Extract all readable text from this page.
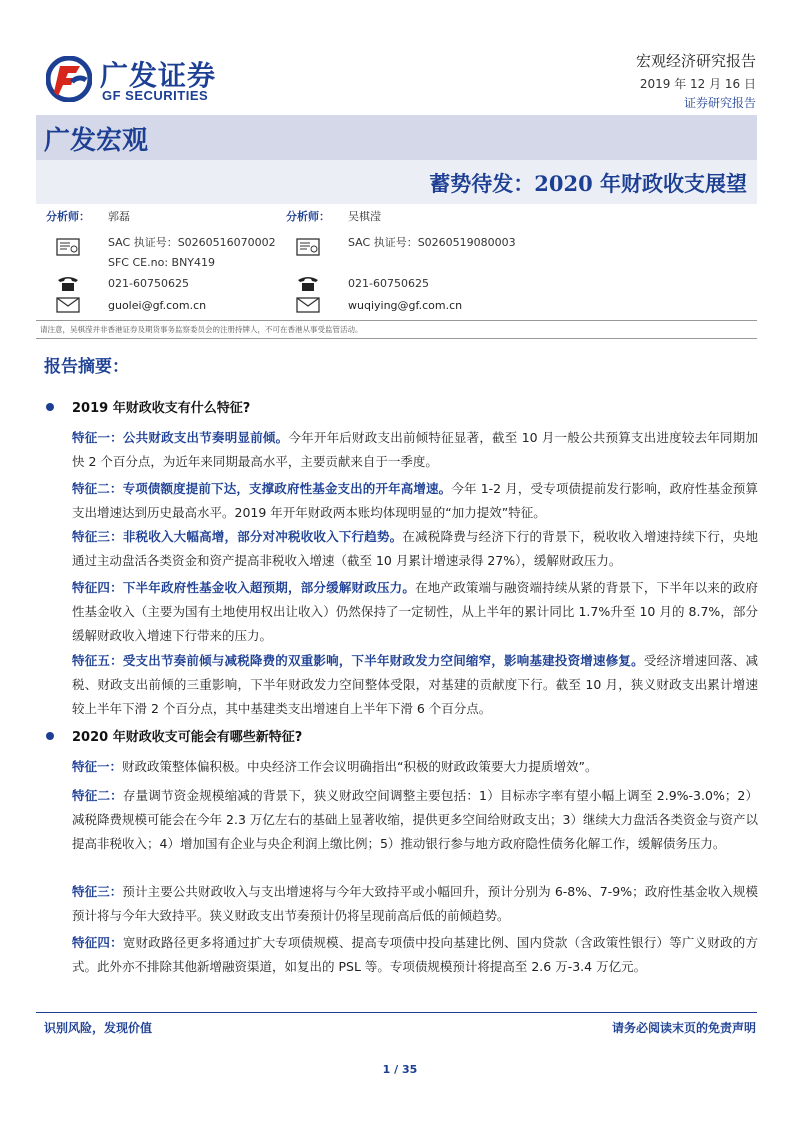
广发证券
GF SECURITIES
宏观经济研究报告
2019 年 12 月 16 日
证券研究报告
广发宏观
蓄势待发：2020 年财政收支展望
分析师： 郭磊
SAC 执证号：S0260516070002
SFC CE.no: BNY419
021-60750625
guolei@gf.com.cn
分析师： 吴棋滢
SAC 执证号：S0260519080003
021-60750625
wuqiying@gf.com.cn
请注意，吴棋滢并非香港证券及期货事务监察委员会的注册持牌人，不可在香港从事受监管活动。
报告摘要：
2019 年财政收支有什么特征?
特征一：公共财政支出节奏明显前倾。今年开年后财政支出前倾特征显著，截至 10 月一般公共预算支出进度较去年同期加快 2 个百分点，为近年来同期最高水平，主要贡献来自于一季度。
特征二：专项债额度提前下达，支撑政府性基金支出的开年高增速。今年 1-2 月，受专项债提前发行影响，政府性基金预算支出增速达到历史最高水平。2019 年开年财政两本账均体现明显的“加力提效”特征。
特征三：非税收入大幅高增，部分对冲税收收入下行趋势。在减税降费与经济下行的背景下，税收收入增速持续下行，央地通过主动盘活各类资金和资产提高非税收入增速（截至 10 月累计增速录得 27%），缓解财政压力。
特征四：下半年政府性基金收入超预期，部分缓解财政压力。在地产政策端与融资端持续从紧的背景下，下半年以来的政府性基金收入（主要为国有土地使用权出让收入）仍然保持了一定韧性，从上半年的累计同比 1.7%升至 10 月的 8.7%，部分缓解财政收入增速下行带来的压力。
特征五：受支出节奏前倾与减税降费的双重影响，下半年财政发力空间缩窄，影响基建投资增速修复。受经济增速回落、减税、财政支出前倾的三重影响，下半年财政发力空间整体受限，对基建的贡献度下行。截至 10 月，狭义财政支出累计增速较上半年下滑 2 个百分点，其中基建类支出增速自上半年下滑 6 个百分点。
2020 年财政收支可能会有哪些新特征?
特征一：财政政策整体偏积极。中央经济工作会议明确指出“积极的财政政策要大力提质增效”。
特征二：存量调节资金规模缩减的背景下，狭义财政空间调整主要包括：1）目标赤字率有望小幅上调至 2.9%-3.0%；2）减税降费规模可能会在今年 2.3 万亿左右的基础上显著收缩，提供更多空间给财政支出；3）继续大力盘活各类资金与资产以提高非税收入；4）增加国有企业与央企利润上缴比例；5）推动银行参与地方政府隐性债务化解工作，缓解债务压力。
特征三：预计主要公共财政收入与支出增速将与今年大致持平或小幅回升，预计分别为 6-8%、7-9%；政府性基金收入规模预计将与今年大致持平。狭义财政支出节奏预计仍将呈现前高后低的前倾趋势。
特征四：宽财政路径更多将通过扩大专项债规模、提高专项债中投向基建比例、国内贷款（含政策性银行）等广义财政的方式。此外亦不排除其他新增融资渠道，如复出的 PSL 等。专项债规模预计将提高至 2.6 万-3.4 万亿元。
识别风险，发现价值	请务必阅读末页的免责声明
1 / 35
